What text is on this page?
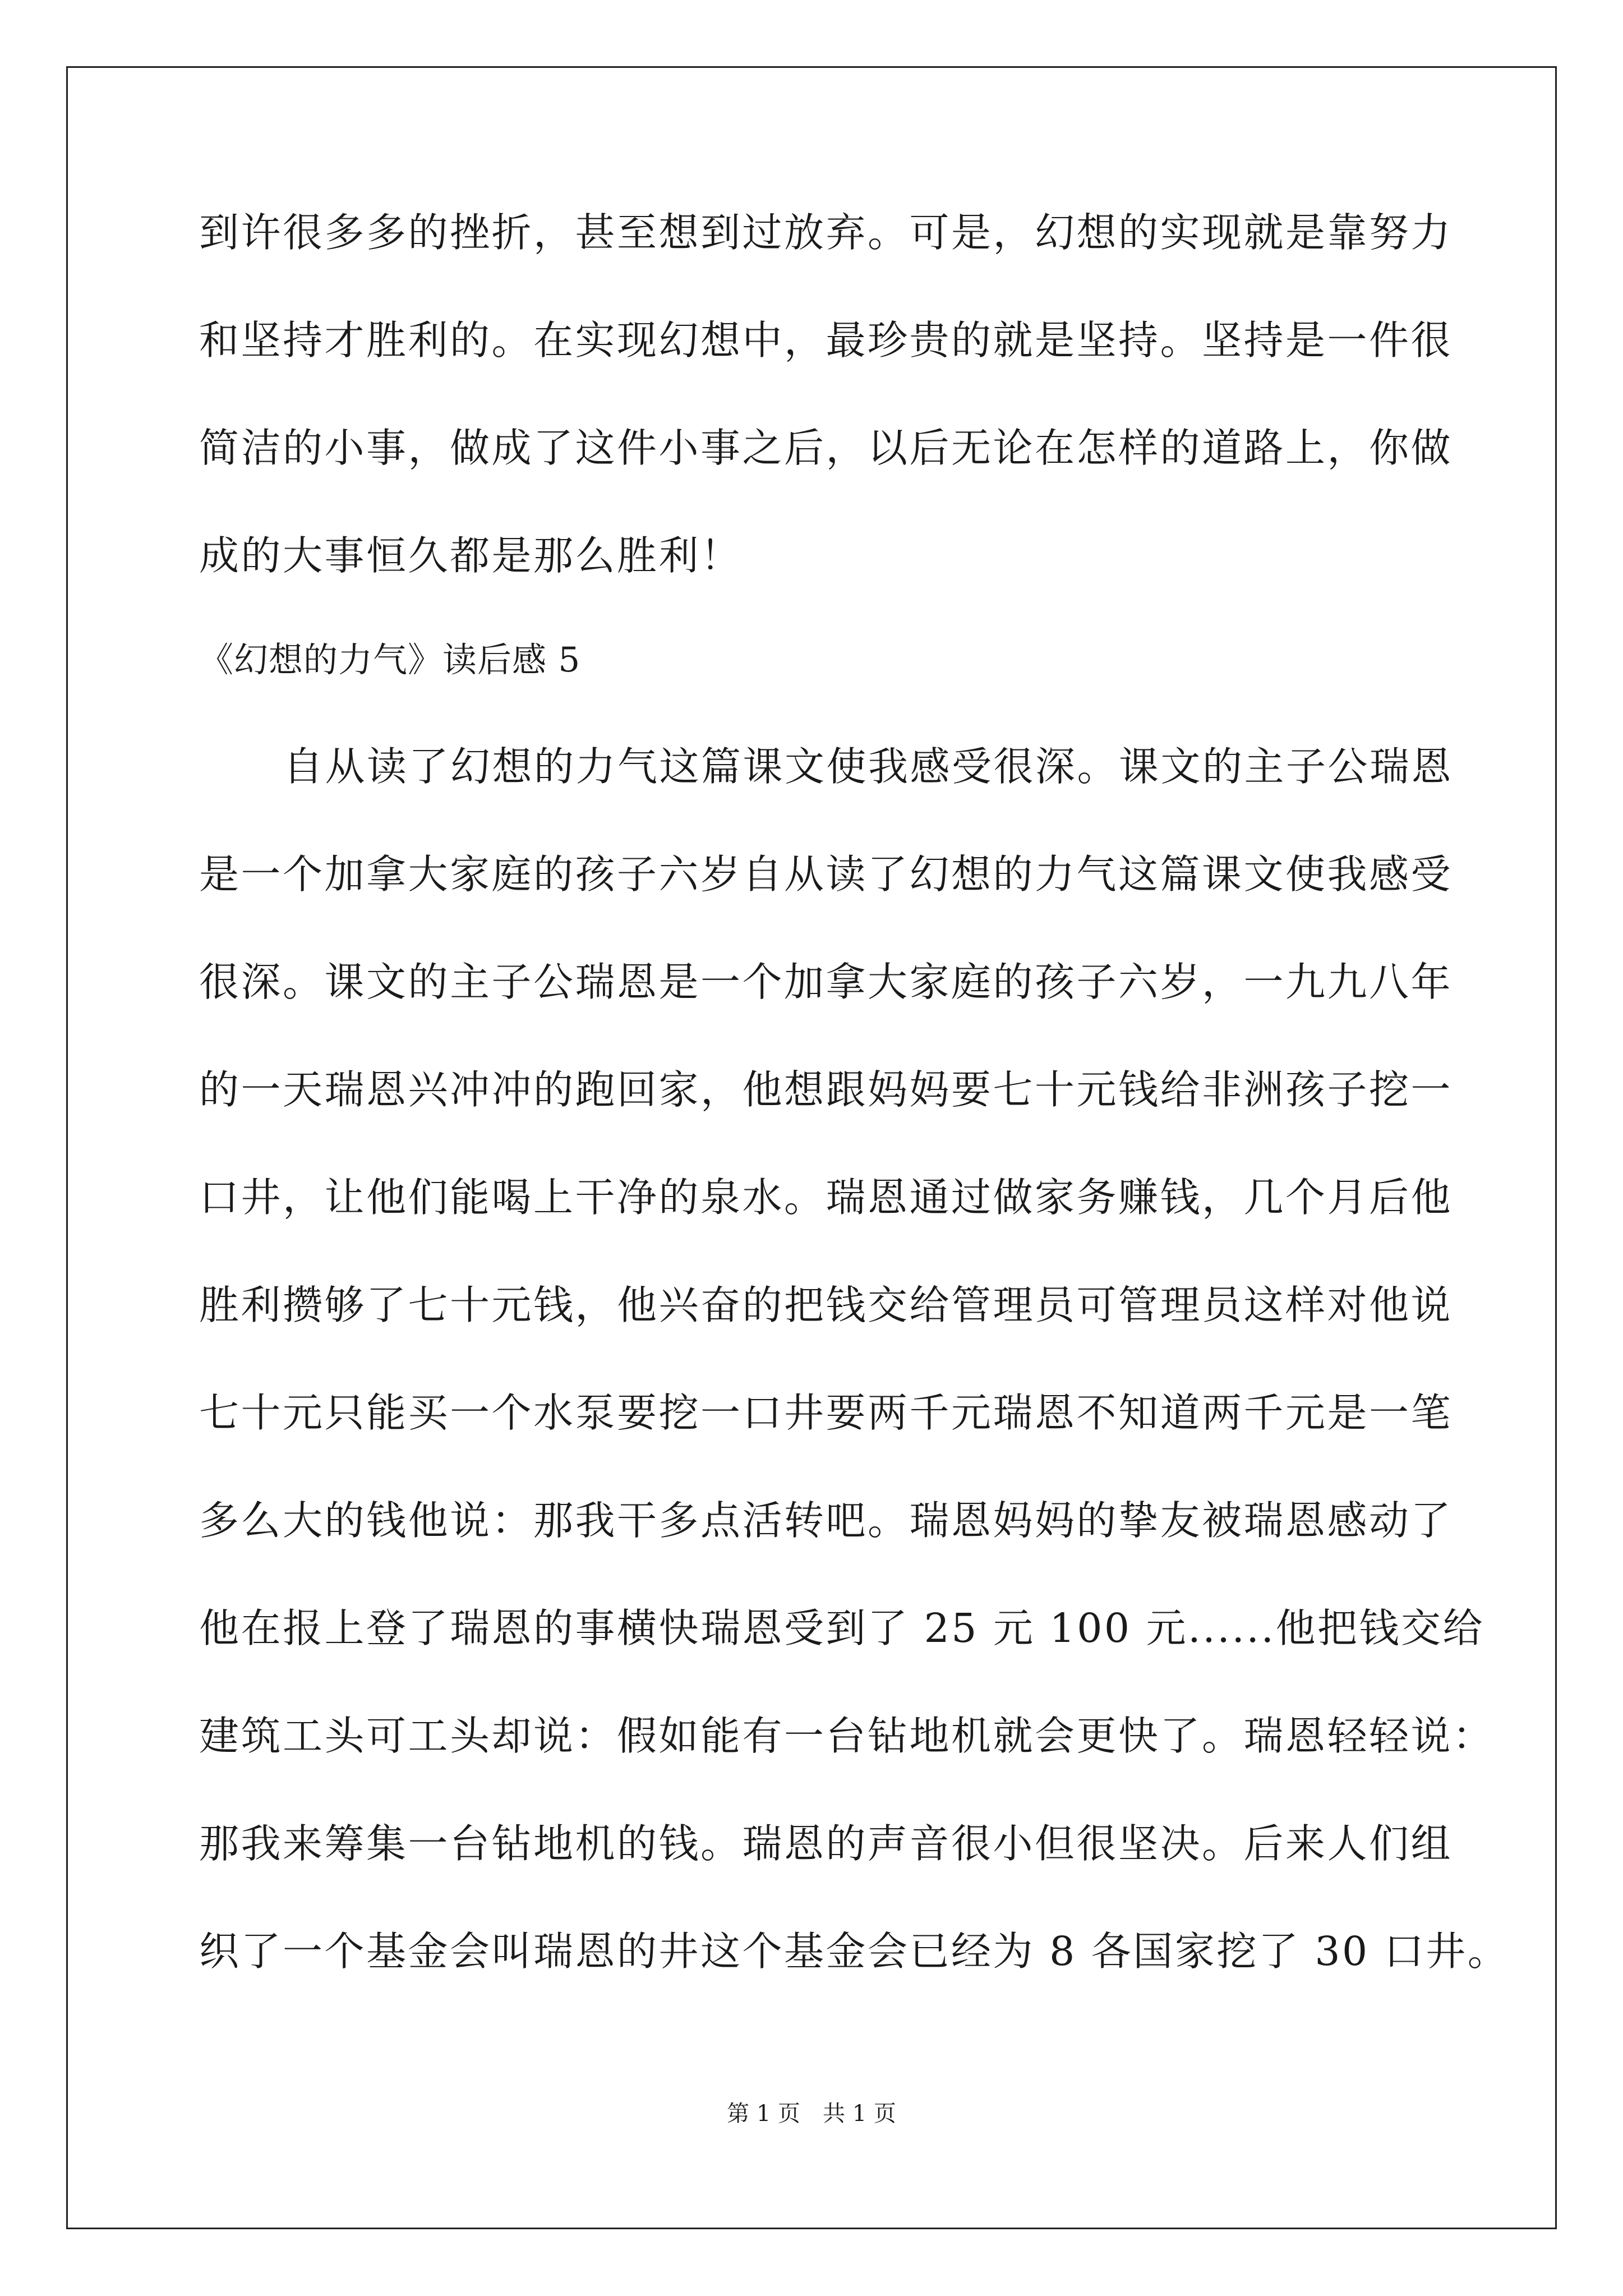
到许很多多的挫折，甚至想到过放弃。可是，幻想的实现就是靠努力
和坚持才胜利的。在实现幻想中，最珍贵的就是坚持。坚持是一件很
简洁的小事，做成了这件小事之后，以后无论在怎样的道路上，你做
成的大事恒久都是那么胜利！
《幻想的力气》读后感 5
自从读了幻想的力气这篇课文使我感受很深。课文的主子公瑞恩
是一个加拿大家庭的孩子六岁自从读了幻想的力气这篇课文使我感受
很深。课文的主子公瑞恩是一个加拿大家庭的孩子六岁，一九九八年
的一天瑞恩兴冲冲的跑回家，他想跟妈妈要七十元钱给非洲孩子挖一
口井，让他们能喝上干净的泉水。瑞恩通过做家务赚钱，几个月后他
胜利攒够了七十元钱，他兴奋的把钱交给管理员可管理员这样对他说
七十元只能买一个水泵要挖一口井要两千元瑞恩不知道两千元是一笔
多么大的钱他说：那我干多点活转吧。瑞恩妈妈的挚友被瑞恩感动了
他在报上登了瑞恩的事横快瑞恩受到了 25 元 100 元......他把钱交给
建筑工头可工头却说：假如能有一台钻地机就会更快了。瑞恩轻轻说：
那我来筹集一台钻地机的钱。瑞恩的声音很小但很坚决。后来人们组
织了一个基金会叫瑞恩的井这个基金会已经为 8 各国家挖了 30 口井。
第 1 页　共 1 页
